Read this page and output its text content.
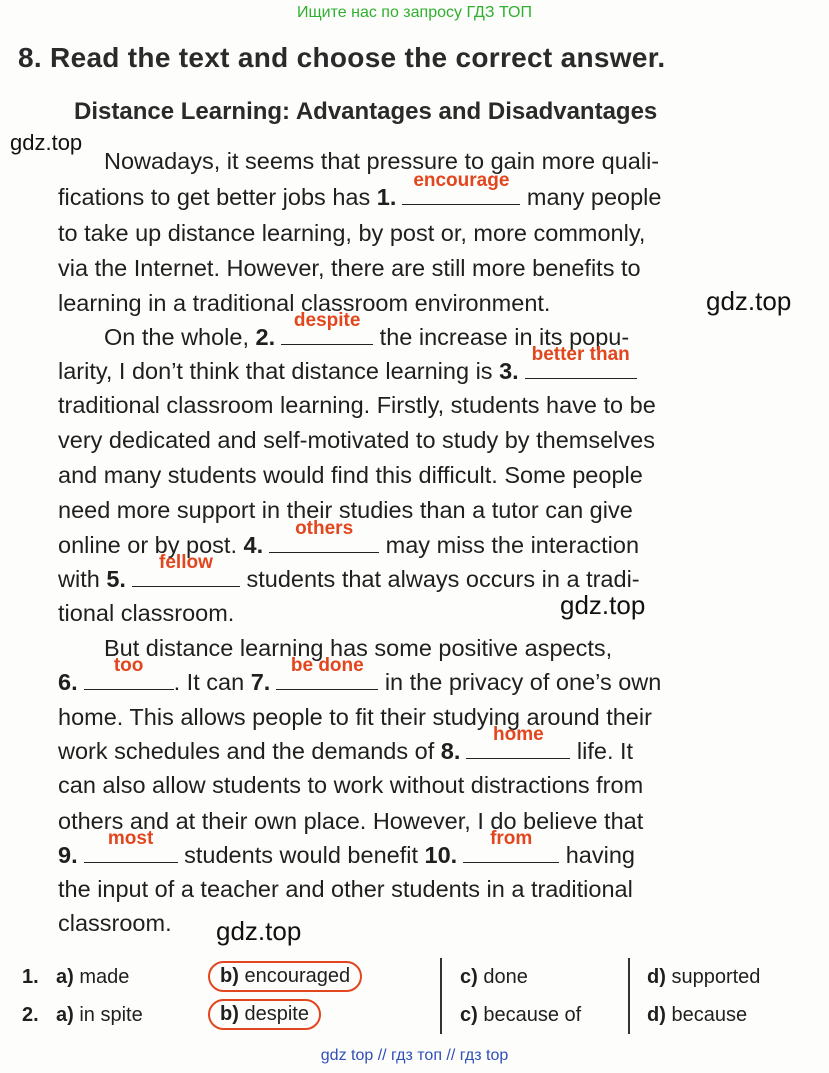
Ищите нас по запросу ГДЗ ТОП
8. Read the text and choose the correct answer.
Distance Learning: Advantages and Disadvantages
gdz.top
gdz.top
gdz.top
gdz.top
Nowadays, it seems that pressure to gain more quali-
fications to get better jobs has 1.
encourage
many people
to take up distance learning, by post or, more commonly,
via the Internet. However, there are still more benefits to
learning in a traditional classroom environment.
On the whole, 2.
despite
the increase in its popu-
larity, I don’t think that distance learning is 3.
better than
traditional classroom learning. Firstly, students have to be
very dedicated and self-motivated to study by themselves
and many students would find this difficult. Some people
need more support in their studies than a tutor can give
online or by post. 4.
others
may miss the interaction
with 5.
fellow
students that always occurs in a tradi-
tional classroom.
But distance learning has some positive aspects,
6.
too
. It can 7.
be done
in the privacy of one’s own
home. This allows people to fit their studying around their
work schedules and the demands of 8.
home
life. It
can also allow students to work without distractions from
others and at their own place. However, I do believe that
9.
most
students would benefit 10.
from
having
the input of a teacher and other students in a traditional
classroom.
1. a) made	b) encouraged	c) done	d) supported
2. a) in spite	b) despite	c) because of	d) because
gdz top // гдз топ // гдз top
